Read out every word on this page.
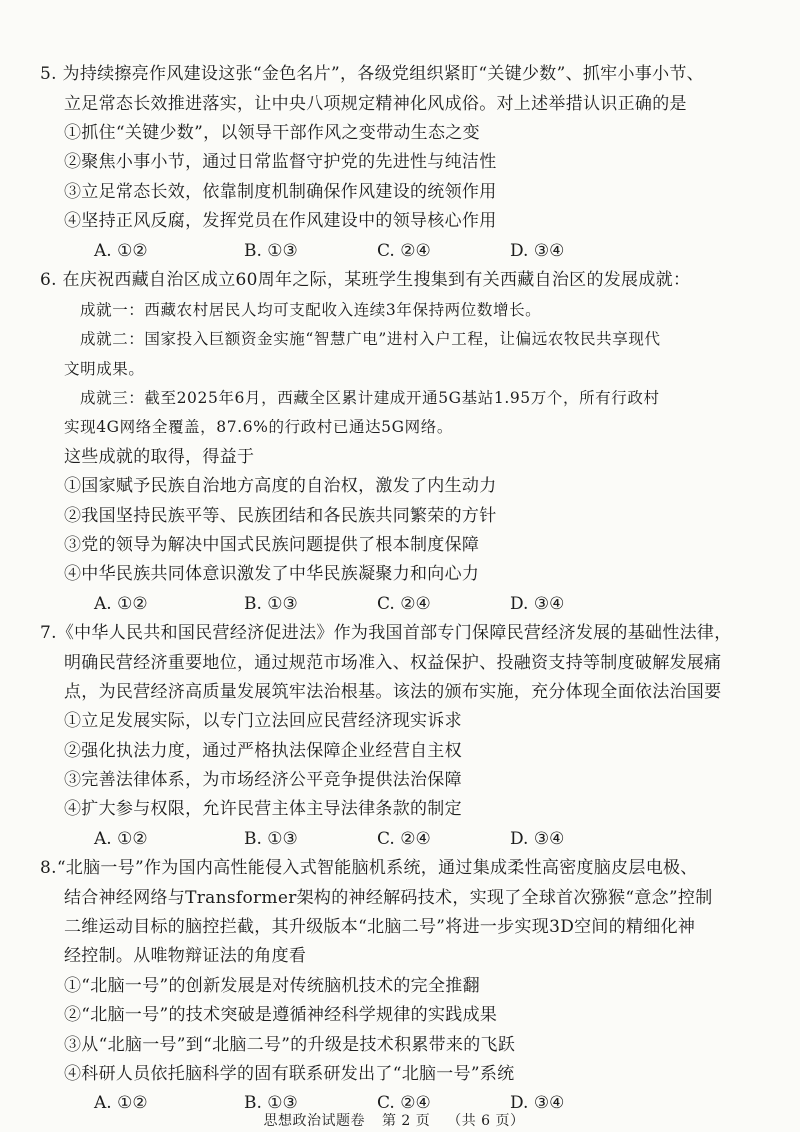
5. 为持续擦亮作风建设这张“金色名片”，各级党组织紧盯“关键少数”、抓牢小事小节、
立足常态长效推进落实，让中央八项规定精神化风成俗。对上述举措认识正确的是
①抓住“关键少数”，以领导干部作风之变带动生态之变
②聚焦小事小节，通过日常监督守护党的先进性与纯洁性
③立足常态长效，依靠制度机制确保作风建设的统领作用
④坚持正风反腐，发挥党员在作风建设中的领导核心作用
A. ①②	B. ①③	C. ②④	D. ③④
6. 在庆祝西藏自治区成立60周年之际，某班学生搜集到有关西藏自治区的发展成就：
成就一：西藏农村居民人均可支配收入连续3年保持两位数增长。
成就二：国家投入巨额资金实施“智慧广电”进村入户工程，让偏远农牧民共享现代
文明成果。
成就三：截至2025年6月，西藏全区累计建成开通5G基站1.95万个，所有行政村
实现4G网络全覆盖，87.6%的行政村已通达5G网络。
这些成就的取得，得益于
①国家赋予民族自治地方高度的自治权，激发了内生动力
②我国坚持民族平等、民族团结和各民族共同繁荣的方针
③党的领导为解决中国式民族问题提供了根本制度保障
④中华民族共同体意识激发了中华民族凝聚力和向心力
A. ①②	B. ①③	C. ②④	D. ③④
7.《中华人民共和国民营经济促进法》作为我国首部专门保障民营经济发展的基础性法律，
明确民营经济重要地位，通过规范市场准入、权益保护、投融资支持等制度破解发展痛
点，为民营经济高质量发展筑牢法治根基。该法的颁布实施，充分体现全面依法治国要
①立足发展实际，以专门立法回应民营经济现实诉求
②强化执法力度，通过严格执法保障企业经营自主权
③完善法律体系，为市场经济公平竞争提供法治保障
④扩大参与权限，允许民营主体主导法律条款的制定
A. ①②	B. ①③	C. ②④	D. ③④
8.“北脑一号”作为国内高性能侵入式智能脑机系统，通过集成柔性高密度脑皮层电极、
结合神经网络与Transformer架构的神经解码技术，实现了全球首次猕猴“意念”控制
二维运动目标的脑控拦截，其升级版本“北脑二号”将进一步实现3D空间的精细化神
经控制。从唯物辩证法的角度看
①“北脑一号”的创新发展是对传统脑机技术的完全推翻
②“北脑一号”的技术突破是遵循神经科学规律的实践成果
③从“北脑一号”到“北脑二号”的升级是技术积累带来的飞跃
④科研人员依托脑科学的固有联系研发出了“北脑一号”系统
A. ①②	B. ①③	C. ②④	D. ③④
思想政治试题卷 第 2 页 （共 6 页）
